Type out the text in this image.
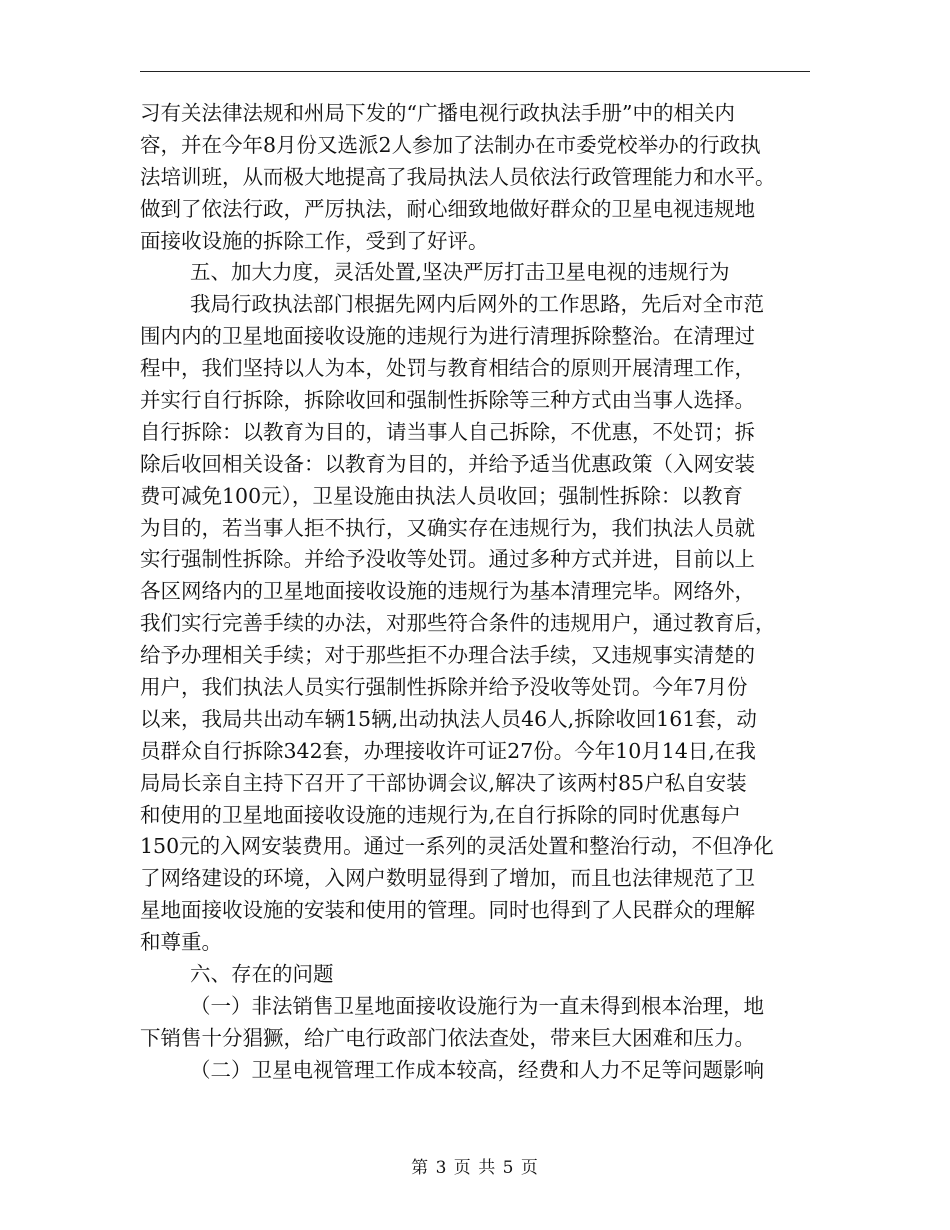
习有关法律法规和州局下发的“广播电视行政执法手册”中的相关内
容，并在今年8月份又选派2人参加了法制办在市委党校举办的行政执
法培训班，从而极大地提高了我局执法人员依法行政管理能力和水平。
做到了依法行政，严厉执法，耐心细致地做好群众的卫星电视违规地
面接收设施的拆除工作，受到了好评。
五、加大力度，灵活处置,坚决严厉打击卫星电视的违规行为
我局行政执法部门根据先网内后网外的工作思路，先后对全市范
围内内的卫星地面接收设施的违规行为进行清理拆除整治。在清理过
程中，我们坚持以人为本，处罚与教育相结合的原则开展清理工作，
并实行自行拆除，拆除收回和强制性拆除等三种方式由当事人选择。
自行拆除：以教育为目的，请当事人自己拆除，不优惠，不处罚；拆
除后收回相关设备：以教育为目的，并给予适当优惠政策（入网安装
费可减免100元），卫星设施由执法人员收回；强制性拆除：以教育
为目的，若当事人拒不执行，又确实存在违规行为，我们执法人员就
实行强制性拆除。并给予没收等处罚。通过多种方式并进，目前以上
各区网络内的卫星地面接收设施的违规行为基本清理完毕。网络外，
我们实行完善手续的办法，对那些符合条件的违规用户，通过教育后，
给予办理相关手续；对于那些拒不办理合法手续，又违规事实清楚的
用户，我们执法人员实行强制性拆除并给予没收等处罚。今年7月份
以来，我局共出动车辆15辆,出动执法人员46人,拆除收回161套，动
员群众自行拆除342套，办理接收许可证27份。今年10月14日,在我
局局长亲自主持下召开了干部协调会议,解决了该两村85户私自安装
和使用的卫星地面接收设施的违规行为,在自行拆除的同时优惠每户
150元的入网安装费用。通过一系列的灵活处置和整治行动，不但净化
了网络建设的环境，入网户数明显得到了增加，而且也法律规范了卫
星地面接收设施的安装和使用的管理。同时也得到了人民群众的理解
和尊重。
六、存在的问题
（一）非法销售卫星地面接收设施行为一直未得到根本治理，地
下销售十分猖獗，给广电行政部门依法查处，带来巨大困难和压力。
（二）卫星电视管理工作成本较高，经费和人力不足等问题影响
第 3 页 共 5 页
